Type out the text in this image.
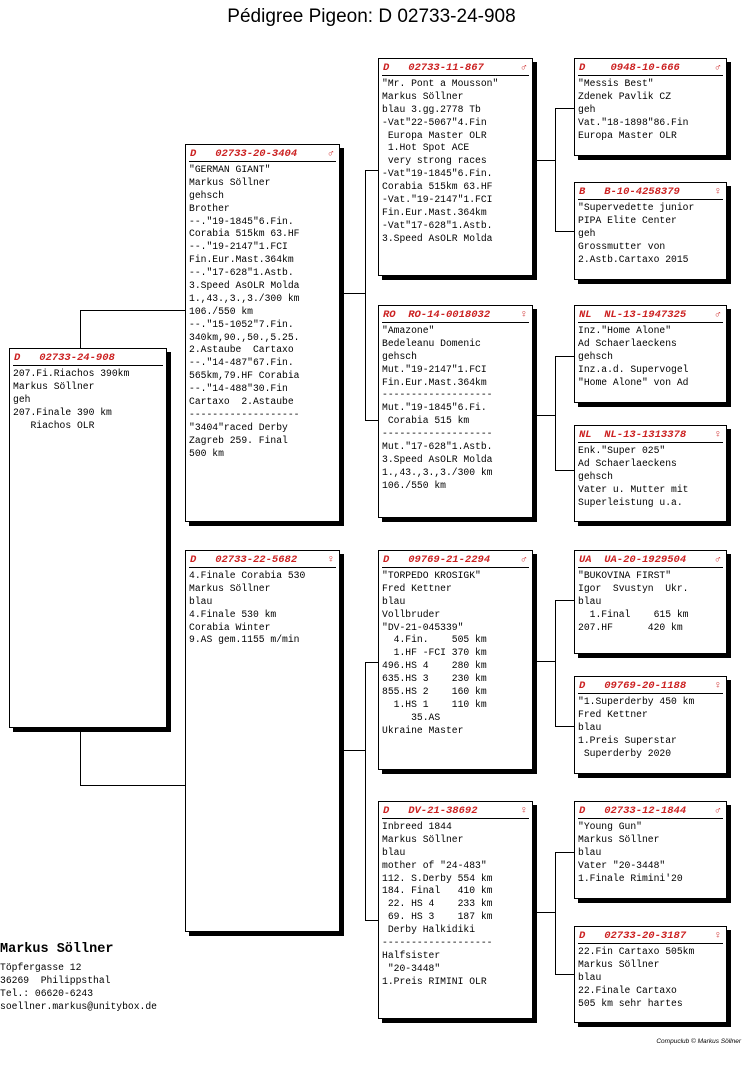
Pédigree Pigeon: D 02733-24-908
D   02733-24-908
207.Fi.Riachos 390km
Markus Söllner
geh
207.Finale 390 km
Riachos OLR
D   02733-20-3404	♂
"GERMAN GIANT"
Markus Söllner
gehsch
Brother
--."19-1845"6.Fin.
Corabia 515km 63.HF
--."19-2147"1.FCI
Fin.Eur.Mast.364km
--."17-628"1.Astb.
3.Speed AsOLR Molda
1.,43.,3.,3./300 km
106./550 km
--."15-1052"7.Fin.
340km,90.,50.,5.25.
2.Astaube  Cartaxo
--."14-487"67.Fin.
565km,79.HF Corabia
--."14-488"30.Fin
Cartaxo  2.Astaube
-------------------
"3404"raced Derby
Zagreb 259. Final
500 km
D   02733-22-5682	♀
4.Finale Corabia 530
Markus Söllner
blau
4.Finale 530 km
Corabia Winter
9.AS gem.1155 m/min
D   02733-11-867	♂
"Mr. Pont a Mousson"
Markus Söllner
blau 3.gg.2778 Tb
-Vat"22-5067"4.Fin
Europa Master OLR
1.Hot Spot ACE
very strong races
-Vat"19-1845"6.Fin.
Corabia 515km 63.HF
-Vat."19-2147"1.FCI
Fin.Eur.Mast.364km
-Vat"17-628"1.Astb.
3.Speed AsOLR Molda
RO  RO-14-0018032	♀
"Amazone"
Bedeleanu Domenic
gehsch
Mut."19-2147"1.FCI
Fin.Eur.Mast.364km
-------------------
Mut."19-1845"6.Fi.
Corabia 515 km
-------------------
Mut."17-628"1.Astb.
3.Speed AsOLR Molda
1.,43.,3.,3./300 km
106./550 km
D   09769-21-2294	♂
"TORPEDO KROSIGK"
Fred Kettner
blau
Vollbruder
"DV-21-045339"
4.Fin.    505 km
1.HF -FCI 370 km
496.HS 4    280 km
635.HS 3    230 km
855.HS 2    160 km
1.HS 1    110 km
35.AS
Ukraine Master
D   DV-21-38692	♀
Inbreed 1844
Markus Söllner
blau
mother of "24-483"
112. S.Derby 554 km
184. Final   410 km
22. HS 4    233 km
69. HS 3    187 km
Derby Halkidiki
-------------------
Halfsister
"20-3448"
1.Preis RIMINI OLR
D    0948-10-666	♂
"Messis Best"
Zdenek Pavlik CZ
geh
Vat."18-1898"86.Fin
Europa Master OLR
B   B-10-4258379	♀
"Supervedette junior
PIPA Elite Center
geh
Grossmutter von
2.Astb.Cartaxo 2015
NL  NL-13-1947325	♂
Inz."Home Alone"
Ad Schaerlaeckens
gehsch
Inz.a.d. Supervogel
"Home Alone" von Ad
NL  NL-13-1313378	♀
Enk."Super 025"
Ad Schaerlaeckens
gehsch
Vater u. Mutter mit
Superleistung u.a.
UA  UA-20-1929504	♂
"BUKOVINA FIRST"
Igor  Svustyn  Ukr.
blau
1.Final    615 km
207.HF      420 km
D   09769-20-1188	♀
"1.Superderby 450 km
Fred Kettner
blau
1.Preis Superstar
Superderby 2020
D   02733-12-1844	♂
"Young Gun"
Markus Söllner
blau
Vater "20-3448"
1.Finale Rimini'20
D   02733-20-3187	♀
22.Fin Cartaxo 505km
Markus Söllner
blau
22.Finale Cartaxo
505 km sehr hartes
Markus Söllner
Töpfergasse 12
36269  Philippsthal
Tel.: 06620-6243
soellner.markus@unitybox.de
Compuclub © Markus Söllner
